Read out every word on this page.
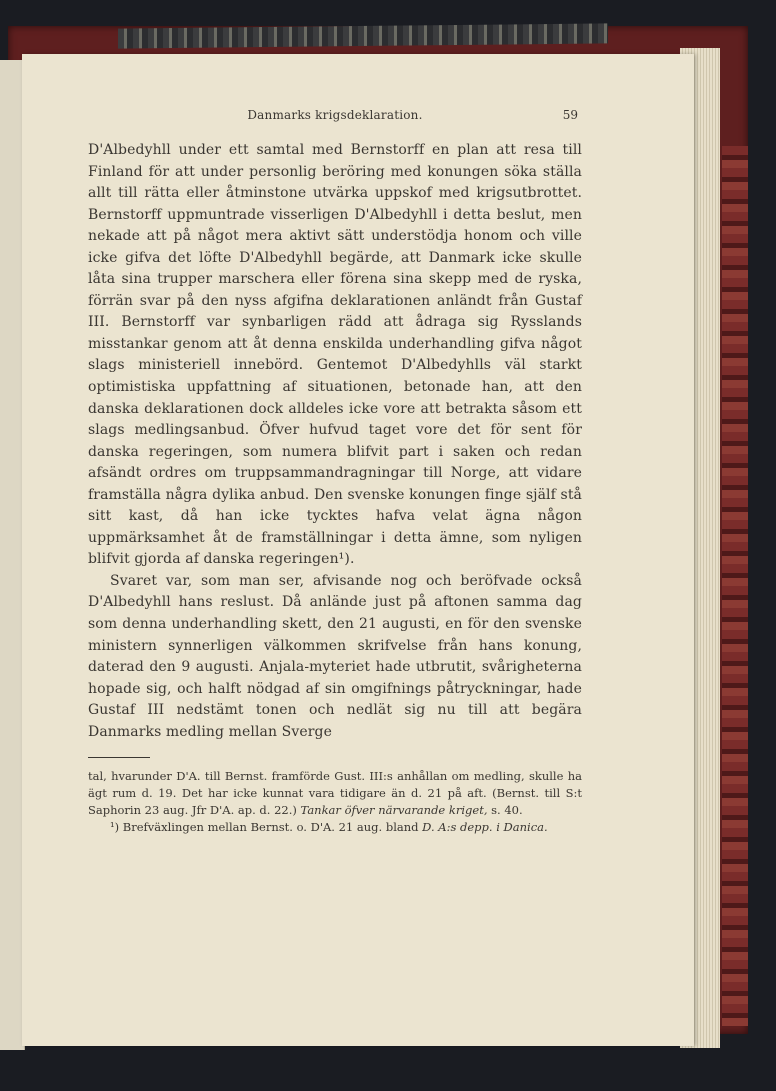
Danmarks krigsdeklaration.	59

D'Albedyhll under ett samtal med Bernstorff en plan att resa till Finland för att under personlig beröring med konungen söka ställa allt till rätta eller åtminstone utvärka uppskof med krigsutbrottet. Bernstorff uppmuntrade visserligen D'Albedyhll i detta beslut, men nekade att på något mera aktivt sätt understödja honom och ville icke gifva det löfte D'Albedyhll begärde, att Danmark icke skulle låta sina trupper marschera eller förena sina skepp med de ryska, förrän svar på den nyss afgifna deklarationen anländt från Gustaf III. Bernstorff var synbarligen rädd att ådraga sig Rysslands misstankar genom att åt denna enskilda underhandling gifva något slags ministeriell innebörd. Gentemot D'Albedyhlls väl starkt optimistiska uppfattning af situationen, betonade han, att den danska deklarationen dock alldeles icke vore att betrakta såsom ett slags medlingsanbud. Öfver hufvud taget vore det för sent för danska regeringen, som numera blifvit part i saken och redan afsändt ordres om truppsammandragningar till Norge, att vidare framställa några dylika anbud. Den svenske konungen finge själf stå sitt kast, då han icke tycktes hafva velat ägna någon uppmärksamhet åt de framställningar i detta ämne, som nyligen blifvit gjorda af danska regeringen¹).

Svaret var, som man ser, afvisande nog och beröfvade också D'Albedyhll hans reslust. Då anlände just på aftonen samma dag som denna underhandling skett, den 21 augusti, en för den svenske ministern synnerligen välkommen skrifvelse från hans konung, daterad den 9 augusti. Anjala-myteriet hade utbrutit, svårigheterna hopade sig, och halft nödgad af sin omgifnings påtryckningar, hade Gustaf III nedstämt tonen och nedlät sig nu till att begära Danmarks medling mellan Sverge

tal, hvarunder D'A. till Bernst. framförde Gust. III:s anhållan om medling, skulle ha ägt rum d. 19. Det har icke kunnat vara tidigare än d. 21 på aft. (Bernst. till S:t Saphorin 23 aug. Jfr D'A. ap. d. 22.) Tankar öfver närvarande kriget, s. 40.

¹) Brefväxlingen mellan Bernst. o. D'A. 21 aug. bland D. A:s depp. i Danica.
